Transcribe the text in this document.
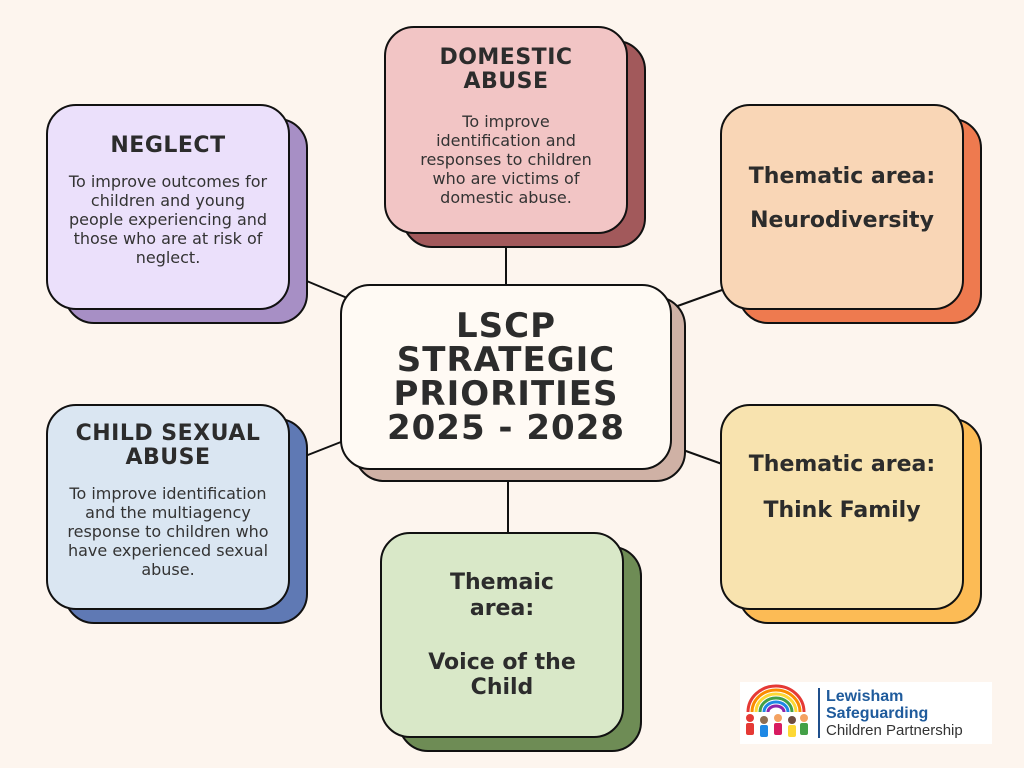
DOMESTIC ABUSE
To improve identification and responses to children who are victims of domestic abuse.
NEGLECT
To improve outcomes for children and young people experiencing and those who are at risk of neglect.
Thematic area:
Neurodiversity
LSCP
STRATEGIC
PRIORITIES
2025 - 2028
CHILD SEXUAL ABUSE
To improve identification and the multiagency response to children who have experienced sexual abuse.
Thematic area:
Think Family
Themaic area:
Voice of the Child	Lewisham
Safeguarding
Children Partnership
